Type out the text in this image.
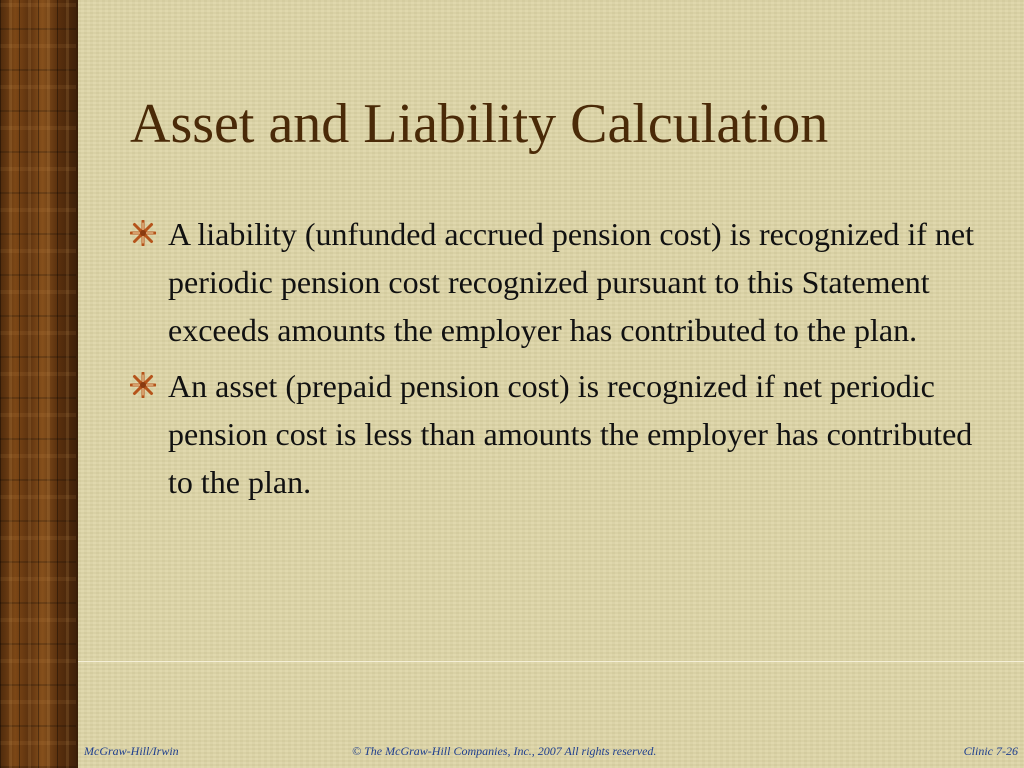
Asset and Liability Calculation
A liability (unfunded accrued pension cost) is recognized if net periodic pension cost recognized pursuant to this Statement exceeds amounts the employer has contributed to the plan.
An asset (prepaid pension cost) is recognized if net periodic pension cost is less than amounts the employer has contributed to the plan.
McGraw-Hill/Irwin	© The McGraw-Hill Companies, Inc., 2007 All rights reserved.	Clinic 7-26
